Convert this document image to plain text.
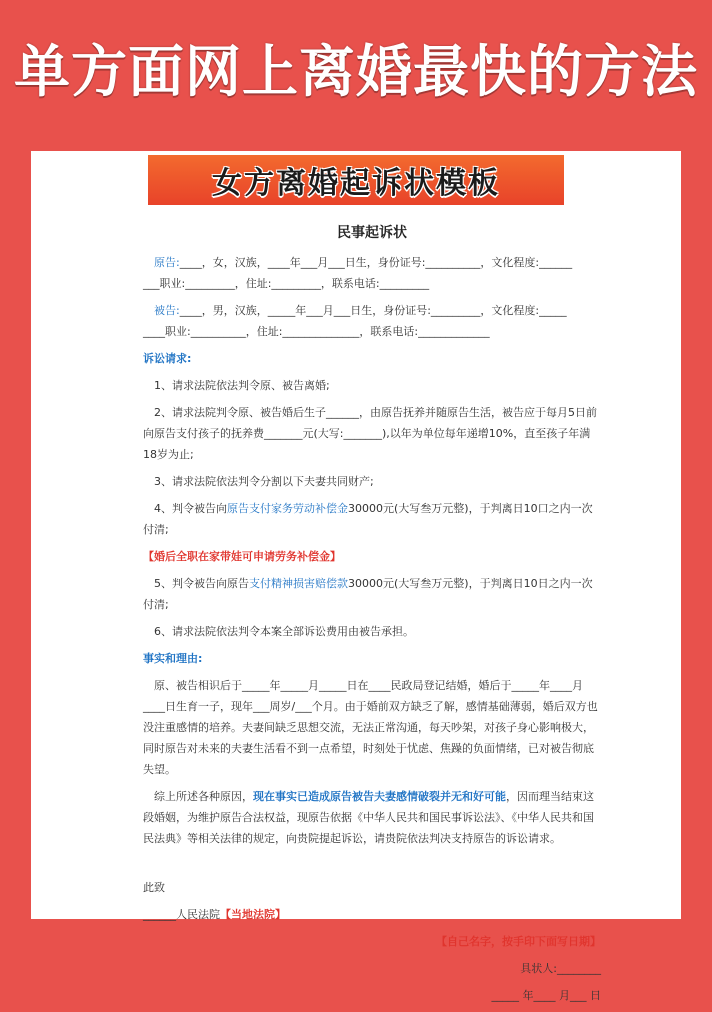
单方面网上离婚最快的方法
女方离婚起诉状模板
民事起诉状
原告:____，女，汉族，____年___月___日生，身份证号:__________，文化程度:______
___职业:_________，住址:_________，联系电话:_________
被告:____，男，汉族，_____年___月___日生，身份证号:_________，文化程度:_____
____职业:__________，住址:______________，联系电话:_____________
诉讼请求:
1、请求法院依法判令原、被告离婚;
2、请求法院判令原、被告婚后生子______，由原告抚养并随原告生活，被告应于每月5日前向原告支付孩子的抚养费_______元(大写:_______),以年为单位每年递增10%，直至孩子年满18岁为止;
3、请求法院依法判令分割以下夫妻共同财产;
4、判令被告向原告支付家务劳动补偿金30000元(大写叁万元整)，于判离日10口之内一次付清;
【婚后全职在家带娃可申请劳务补偿金】
5、判令被告向原告支付精神损害赔偿款30000元(大写叁万元整)，于判离日10日之内一次付清;
6、请求法院依法判令本案全部诉讼费用由被告承担。
事实和理由:
原、被告相识后于_____年_____月_____日在____民政局登记结婚，婚后于_____年____月____日生育一子，现年___周岁/___个月。由于婚前双方缺乏了解，感情基础薄弱，婚后双方也没注重感情的培养。夫妻间缺乏思想交流，无法正常沟通，每天吵架，对孩子身心影响极大，同时原告对未来的夫妻生活看不到一点希望，时刻处于忧虑、焦躁的负面情绪，已对被告彻底失望。
综上所述各种原因，现在事实已造成原告被告夫妻感情破裂并无和好可能，因而理当结束这段婚姻，为维护原告合法权益，现原告依据《中华人民共和国民事诉讼法》、《中华人民共和国民法典》等相关法律的规定，向贵院提起诉讼，请贵院依法判决支持原告的诉讼请求。
此致
______人民法院【当地法院】
【自己名字，按手印下面写日期】
具状人:________
_____ 年____ 月___ 日
